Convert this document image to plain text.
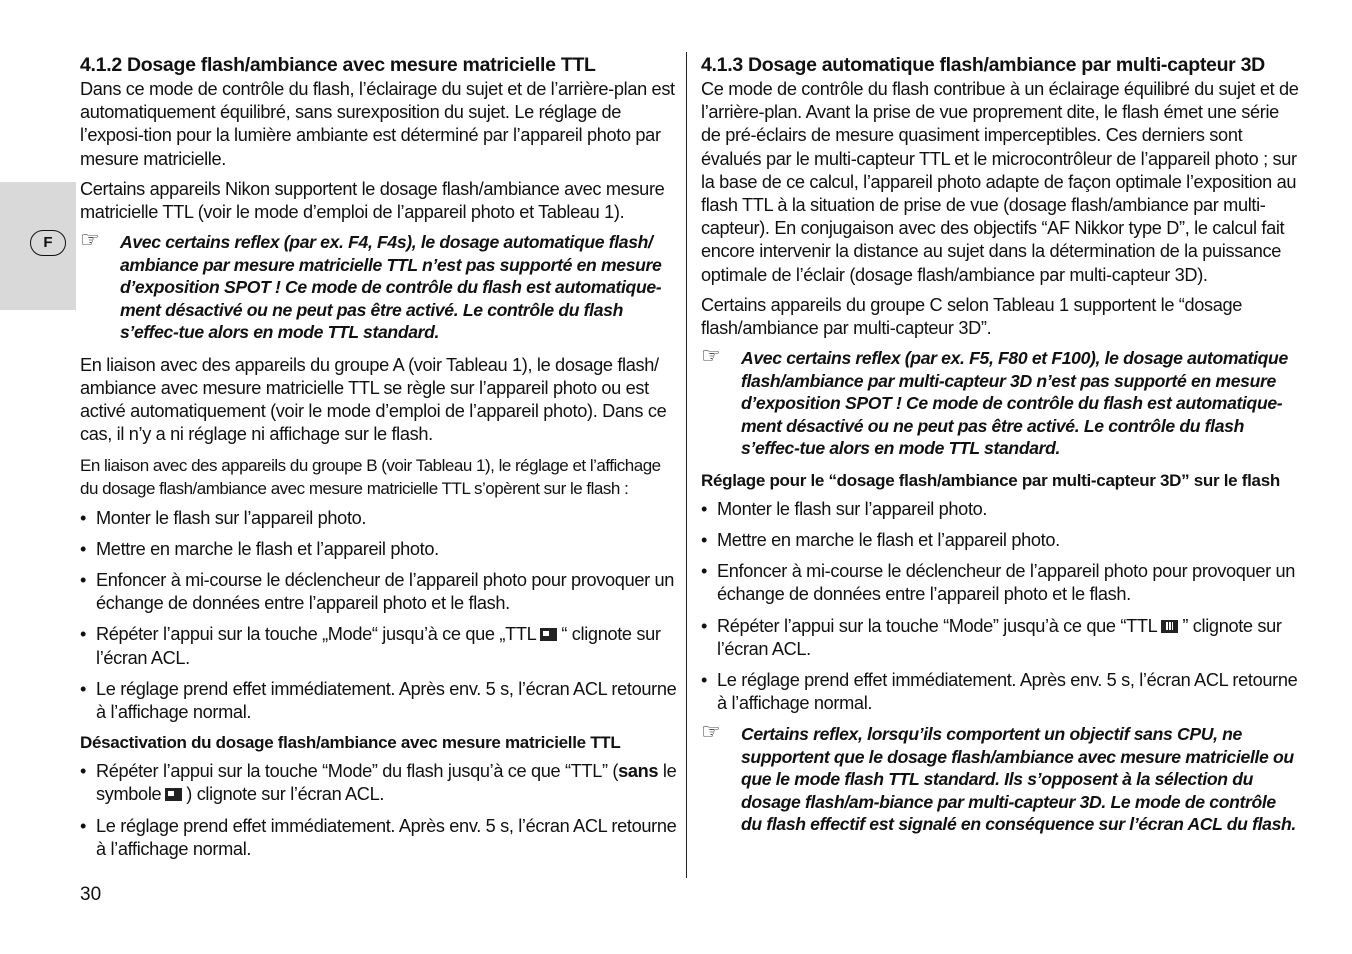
F
4.1.2 Dosage flash/ambiance avec mesure matricielle TTL

Dans ce mode de contrôle du flash, l’éclairage du sujet et de l’arrière-plan est automatiquement équilibré, sans surexposition du sujet. Le réglage de l’exposi-tion pour la lumière ambiante est déterminé par l’appareil photo par mesure matricielle.

Certains appareils Nikon supportent le dosage flash/ambiance avec mesure matricielle TTL (voir le mode d’emploi de l’appareil photo et Tableau 1).

☞ Avec certains reflex (par ex. F4, F4s), le dosage automatique flash/ ambiance par mesure matricielle TTL n’est pas supporté en mesure d’exposition SPOT ! Ce mode de contrôle du flash est automatique-ment désactivé ou ne peut pas être activé. Le contrôle du flash s’effec-tue alors en mode TTL standard.

En liaison avec des appareils du groupe A (voir Tableau 1), le dosage flash/ ambiance avec mesure matricielle TTL se règle sur l’appareil photo ou est activé automatiquement (voir le mode d’emploi de l’appareil photo). Dans ce cas, il n’y a ni réglage ni affichage sur le flash.

En liaison avec des appareils du groupe B (voir Tableau 1), le réglage et l’affichage du dosage flash/ambiance avec mesure matricielle TTL s’opèrent sur le flash :

• Monter le flash sur l’appareil photo.
• Mettre en marche le flash et l’appareil photo.
• Enfoncer à mi-course le déclencheur de l’appareil photo pour provoquer un échange de données entre l’appareil photo et le flash.
• Répéter l’appui sur la touche „Mode“ jusqu’à ce que „TTL “ clignote sur l’écran ACL.
• Le réglage prend effet immédiatement. Après env. 5 s, l’écran ACL retourne à l’affichage normal.
Désactivation du dosage flash/ambiance avec mesure matricielle TTL
• Répéter l’appui sur la touche “Mode” du flash jusqu’à ce que “TTL” (sans le symbole ) clignote sur l’écran ACL.
• Le réglage prend effet immédiatement. Après env. 5 s, l’écran ACL retourne à l’affichage normal.
4.1.3 Dosage automatique flash/ambiance par multi-capteur 3D

Ce mode de contrôle du flash contribue à un éclairage équilibré du sujet et de l’arrière-plan. Avant la prise de vue proprement dite, le flash émet une série de pré-éclairs de mesure quasiment imperceptibles. Ces derniers sont évalués par le multi-capteur TTL et le microcontrôleur de l’appareil photo ; sur la base de ce calcul, l’appareil photo adapte de façon optimale l’exposition au flash TTL à la situation de prise de vue (dosage flash/ambiance par multi-capteur). En conjugaison avec des objectifs “AF Nikkor type D”, le calcul fait encore intervenir la distance au sujet dans la détermination de la puissance optimale de l’éclair (dosage flash/ambiance par multi-capteur 3D).

Certains appareils du groupe C selon Tableau 1 supportent le “dosage flash/ambiance par multi-capteur 3D”.

☞ Avec certains reflex (par ex. F5, F80 et F100), le dosage automatique flash/ambiance par multi-capteur 3D n’est pas supporté en mesure d’exposition SPOT ! Ce mode de contrôle du flash est automatique-ment désactivé ou ne peut pas être activé. Le contrôle du flash s’effec-tue alors en mode TTL standard.
Réglage pour le “dosage flash/ambiance par multi-capteur 3D” sur le flash
• Monter le flash sur l’appareil photo.
• Mettre en marche le flash et l’appareil photo.
• Enfoncer à mi-course le déclencheur de l’appareil photo pour provoquer un échange de données entre l’appareil photo et le flash.
• Répéter l’appui sur la touche “Mode” jusqu’à ce que “TTL ” clignote sur l’écran ACL.
• Le réglage prend effet immédiatement. Après env. 5 s, l’écran ACL retourne à l’affichage normal.
☞ Certains reflex, lorsqu’ils comportent un objectif sans CPU, ne supportent que le dosage flash/ambiance avec mesure matricielle ou que le mode flash TTL standard. Ils s’opposent à la sélection du dosage flash/am-biance par multi-capteur 3D. Le mode de contrôle du flash effectif est signalé en conséquence sur l’écran ACL du flash.
30
